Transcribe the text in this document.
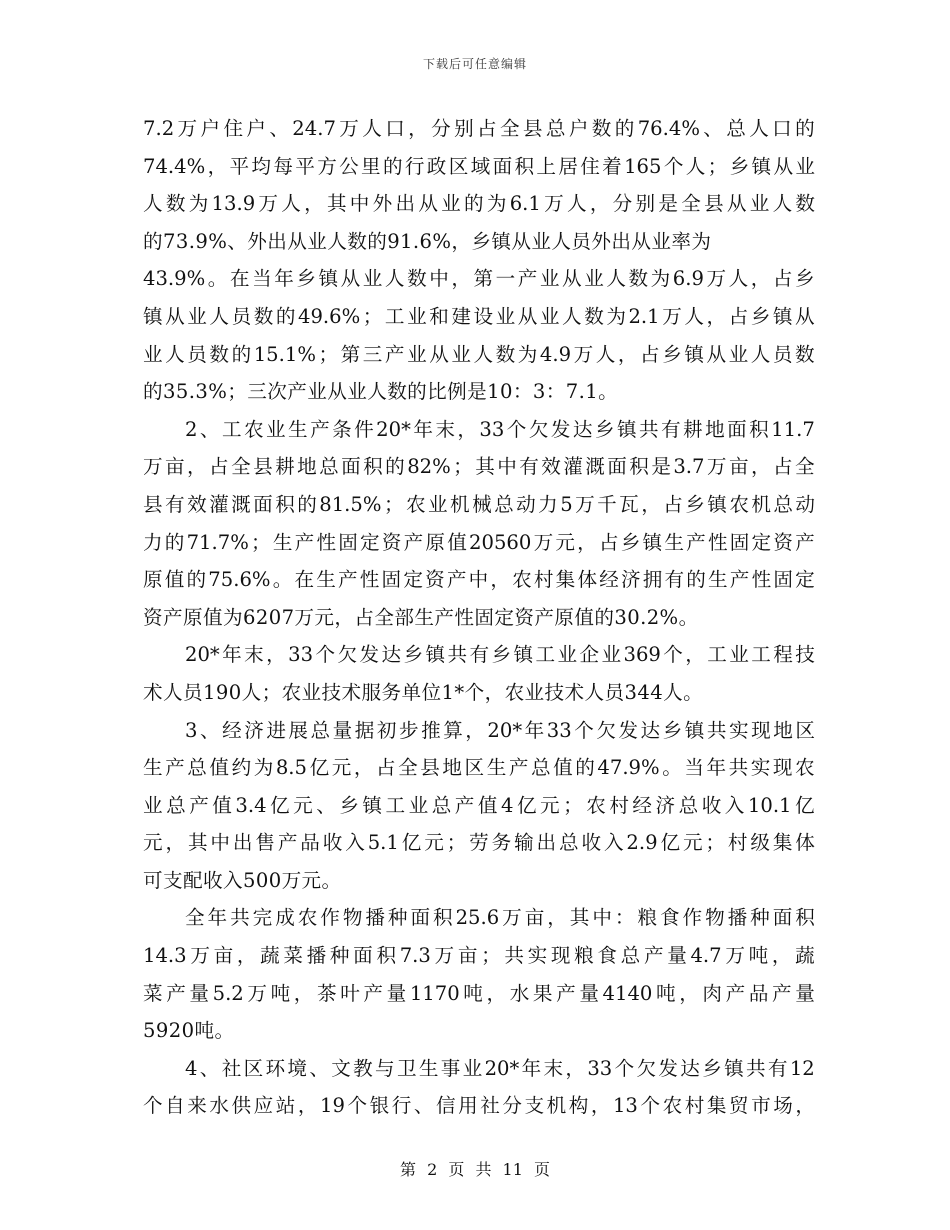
下载后可任意编辑
7.2 万 户 住 户 、 24.7 万 人 口 ， 分 别 占 全 县 总 户 数 的 76.4% 、 总 人 口 的
74.4% ， 平 均 每 平 方 公 里 的 行 政 区 域 面 积 上 居 住 着 165 个 人 ； 乡 镇 从 业
人 数 为 13.9 万 人 ， 其 中 外 出 从 业 的 为 6.1 万 人 ， 分 别 是 全 县 从 业 人 数
的73.9%、外出从业人数的91.6%，乡镇从业人员外出从业率为
43.9% 。 在 当 年 乡 镇 从 业 人 数 中 ， 第 一 产 业 从 业 人 数 为 6.9 万 人 ， 占 乡
镇 从 业 人 员 数 的 49.6% ； 工 业 和 建 设 业 从 业 人 数 为 2.1 万 人 ， 占 乡 镇 从
业 人 员 数 的 15.1% ； 第 三 产 业 从 业 人 数 为 4.9 万 人 ， 占 乡 镇 从 业 人 员 数
的35.3%；三次产业从业人数的比例是10：3：7.1。
2 、 工 农 业 生 产 条 件 20* 年 末 ， 33 个 欠 发 达 乡 镇 共 有 耕 地 面 积 11.7
万 亩 ， 占 全 县 耕 地 总 面 积 的 82% ； 其 中 有 效 灌 溉 面 积 是 3.7 万 亩 ， 占 全
县 有 效 灌 溉 面 积 的 81.5% ； 农 业 机 械 总 动 力 5 万 千 瓦 ， 占 乡 镇 农 机 总 动
力 的 71.7% ； 生 产 性 固 定 资 产 原 值 20560 万 元 ， 占 乡 镇 生 产 性 固 定 资 产
原 值 的 75.6% 。 在 生 产 性 固 定 资 产 中 ， 农 村 集 体 经 济 拥 有 的 生 产 性 固 定
资产原值为6207万元，占全部生产性固定资产原值的30.2%。
20* 年 末 ， 33 个 欠 发 达 乡 镇 共 有 乡 镇 工 业 企 业 369 个 ， 工 业 工 程 技
术人员190人；农业技术服务单位1*个，农业技术人员344人。
3 、 经 济 进 展 总 量 据 初 步 推 算 ， 20* 年 33 个 欠 发 达 乡 镇 共 实 现 地 区
生 产 总 值 约 为 8.5 亿 元 ， 占 全 县 地 区 生 产 总 值 的 47.9% 。 当 年 共 实 现 农
业 总 产 值 3.4 亿 元 、 乡 镇 工 业 总 产 值 4 亿 元 ； 农 村 经 济 总 收 入 10.1 亿
元 ， 其 中 出 售 产 品 收 入 5.1 亿 元 ； 劳 务 输 出 总 收 入 2.9 亿 元 ； 村 级 集 体
可支配收入500万元。
全 年 共 完 成 农 作 物 播 种 面 积 25.6 万 亩 ， 其 中 ： 粮 食 作 物 播 种 面 积
14.3 万 亩 ， 蔬 菜 播 种 面 积 7.3 万 亩 ； 共 实 现 粮 食 总 产 量 4.7 万 吨 ， 蔬
菜 产 量 5.2 万 吨 ， 茶 叶 产 量 1170 吨 ， 水 果 产 量 4140 吨 ， 肉 产 品 产 量
5920吨。
4 、 社 区 环 境 、 文 教 与 卫 生 事 业 20* 年 末 ， 33 个 欠 发 达 乡 镇 共 有 12
个 自 来 水 供 应 站 ， 19 个 银 行 、 信 用 社 分 支 机 构 ， 13 个 农 村 集 贸 市 场 ，
第 2 页 共 11 页
